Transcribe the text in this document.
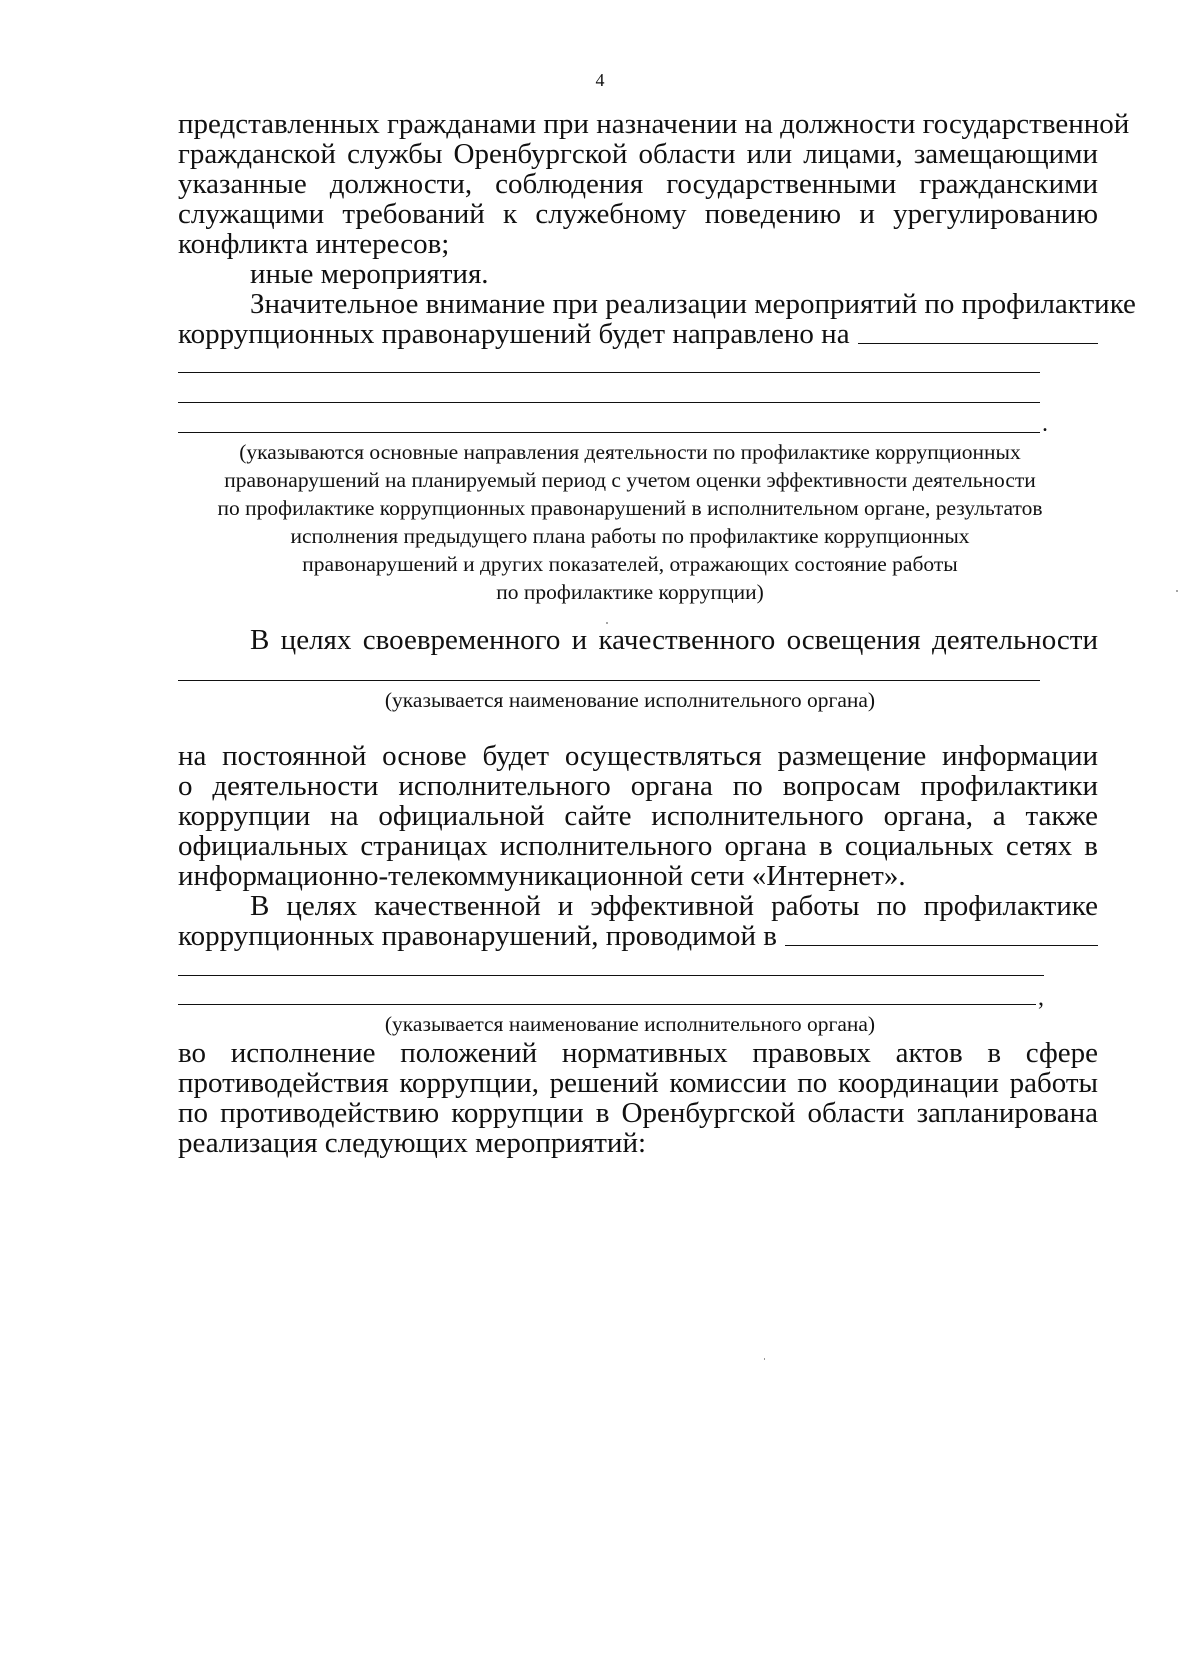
4
представленных гражданами при назначении на должности государственной
гражданской службы Оренбургской области или лицами, замещающими
указанные должности, соблюдения государственными гражданскими
служащими требований к служебному поведению и урегулированию
конфликта интересов;
иные мероприятия.
Значительное внимание при реализации мероприятий по профилактике
коррупционных правонарушений будет направлено на
.
(указываются основные направления деятельности по профилактике коррупционных
правонарушений на планируемый период с учетом оценки эффективности деятельности
по профилактике коррупционных правонарушений в исполнительном органе, результатов
исполнения предыдущего плана работы по профилактике коррупционных
правонарушений и других показателей, отражающих состояние работы
по профилактике коррупции)
В целях своевременного и качественного освещения деятельности
(указывается наименование исполнительного органа)
на постоянной основе будет осуществляться размещение информации
о деятельности исполнительного органа по вопросам профилактики
коррупции на официальной сайте исполнительного органа, а также
официальных страницах исполнительного органа в социальных сетях в
информационно-телекоммуникационной сети «Интернет».
В целях качественной и эффективной работы по профилактике
коррупционных правонарушений, проводимой в
,
(указывается наименование исполнительного органа)
во исполнение положений нормативных правовых актов в сфере
противодействия коррупции, решений комиссии по координации работы
по противодействию коррупции в Оренбургской области запланирована
реализация следующих мероприятий:
